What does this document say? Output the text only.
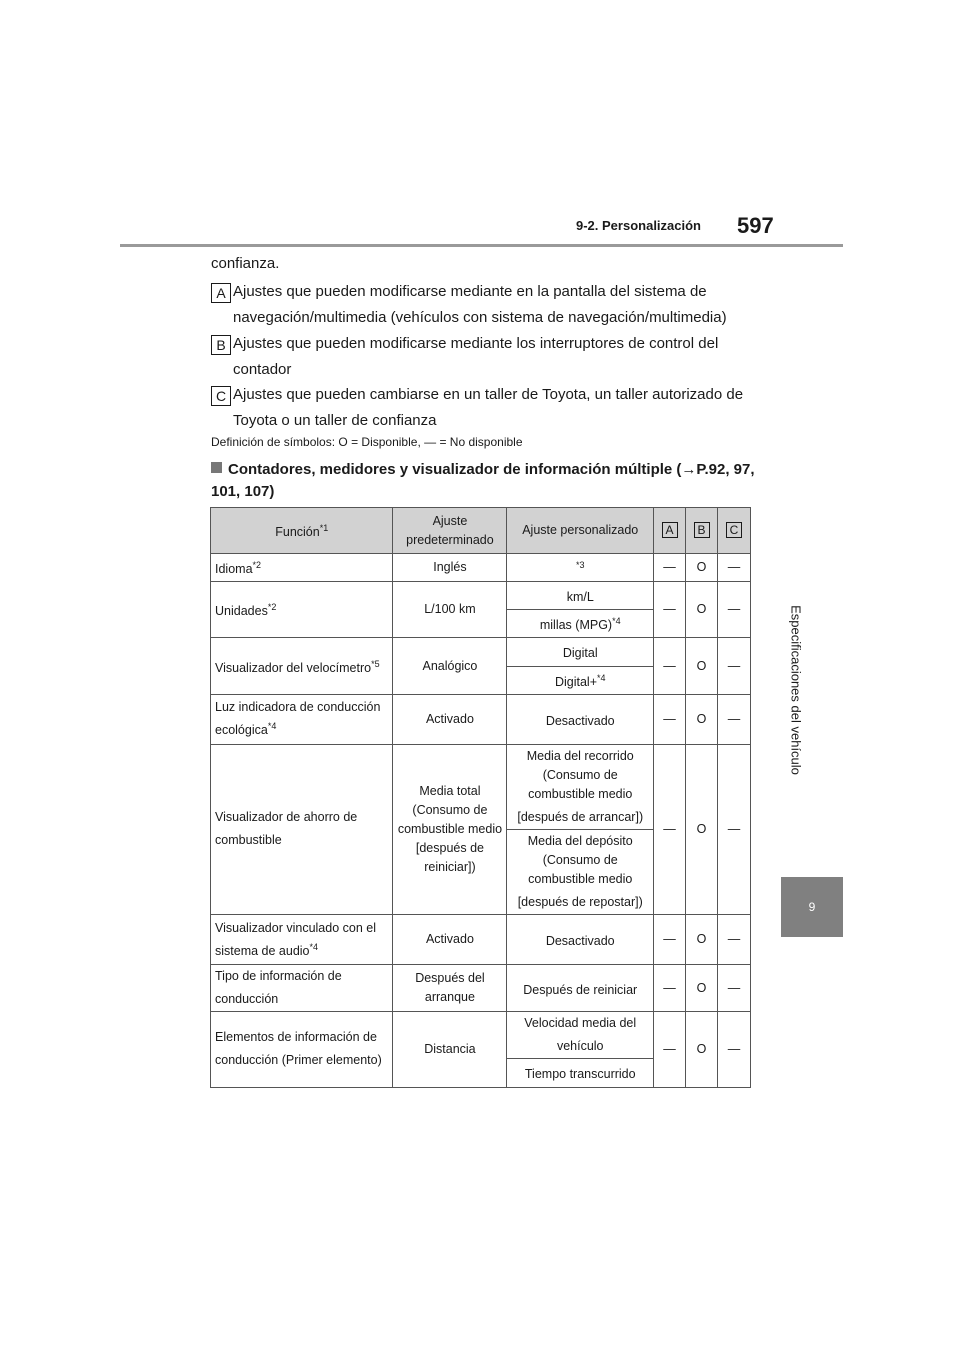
9-2. Personalización 597
9
Especificaciones del vehículo
confianza.
A Ajustes que pueden modificarse mediante en la pantalla del sistema de navegación/multimedia (vehículos con sistema de navegación/multimedia)
B Ajustes que pueden modificarse mediante los interruptores de control del contador
C Ajustes que pueden cambiarse en un taller de Toyota, un taller autorizado de Toyota o un taller de confianza
Definición de símbolos: O = Disponible, — = No disponible
Contadores, medidores y visualizador de información múltiple (→P.92, 97, 101, 107)
Función$^{*1}$	Ajuste predeterminado	Ajuste personalizado	A	B	C
Idioma$^{*2}$	Inglés	$^{*3}$	—	O	—
Unidades$^{*2}$	L/100 km	km/L	—	O	—
		millas (MPG)$^{*4}$
Visualizador del velocímetro$^{*5}$	Analógico	Digital	—	O	—
		Digital+$^{*4}$
Luz indicadora de conducción ecológica$^{*4}$	Activado	Desactivado	—	O	—
Visualizador de ahorro de combustible	Media total (Consumo de combustible medio [después de reiniciar])	Media del recorrido (Consumo de combustible medio [después de arrancar])	—	O	—
		Media del depósito (Consumo de combustible medio [después de repostar])			
Visualizador vinculado con el sistema de audio$^{*4}$	Activado	Desactivado	—	O	—
Tipo de información de conducción	Después del arranque	Después de reiniciar	—	O	—
Elementos de información de conducción (Primer elemento)	Distancia	Velocidad media del vehículo	—	O	—
		Tiempo transcurrido			
